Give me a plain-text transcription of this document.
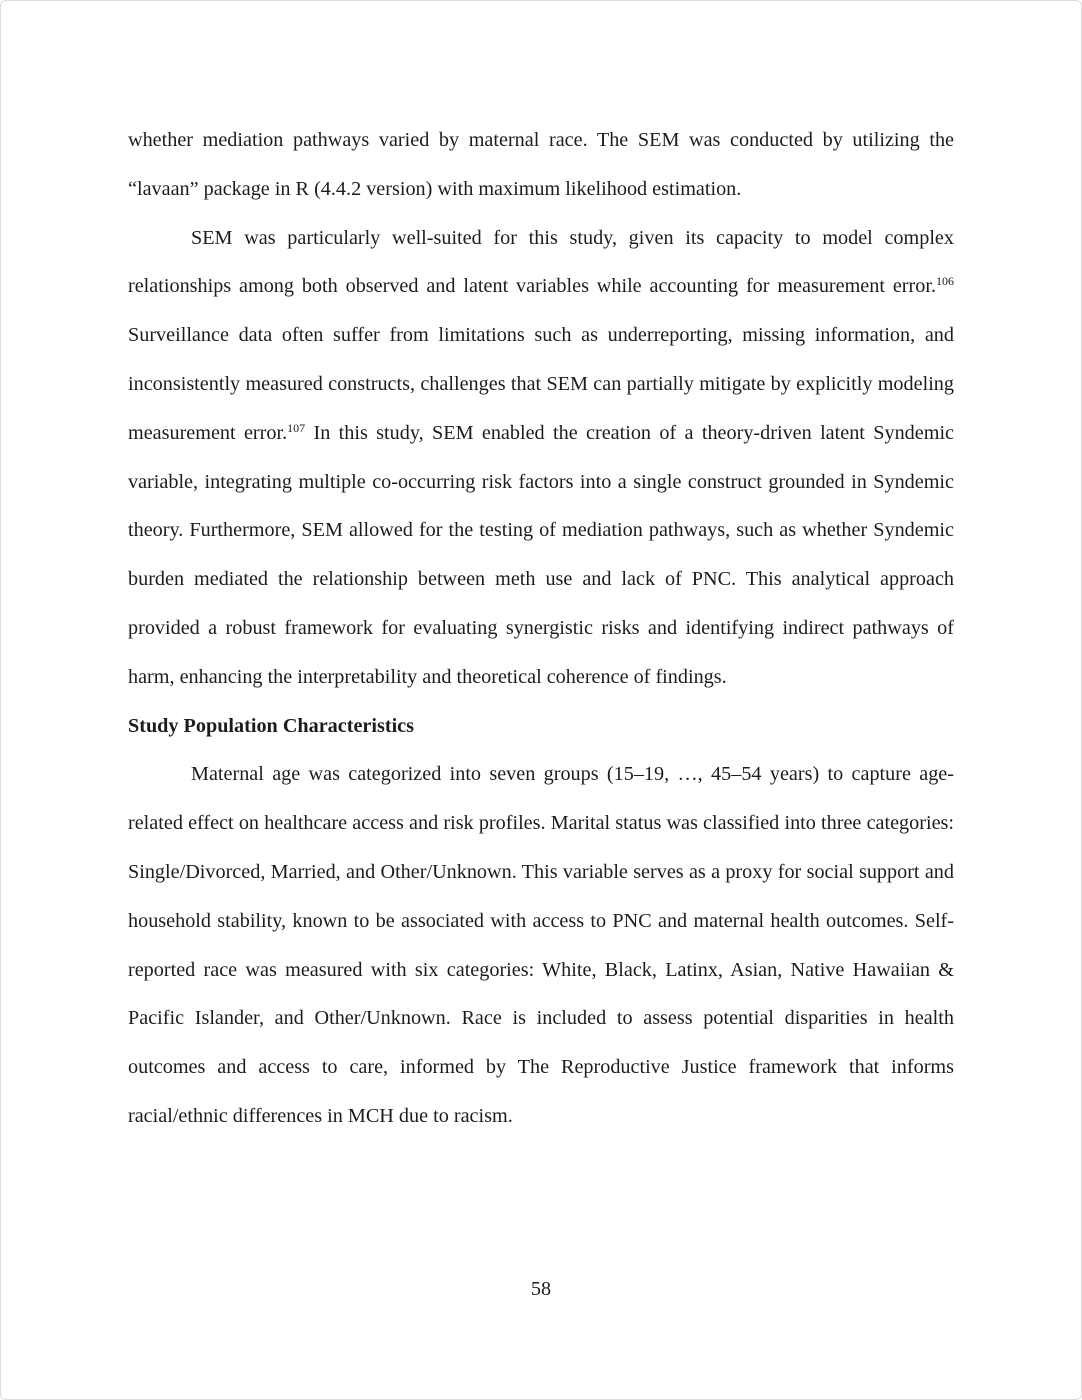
whether mediation pathways varied by maternal race. The SEM was conducted by utilizing the “lavaan” package in R (4.4.2 version) with maximum likelihood estimation.

SEM was particularly well-suited for this study, given its capacity to model complex relationships among both observed and latent variables while accounting for measurement error.$^{106}$ Surveillance data often suffer from limitations such as underreporting, missing information, and inconsistently measured constructs, challenges that SEM can partially mitigate by explicitly modeling measurement error.$^{107}$ In this study, SEM enabled the creation of a theory-driven latent Syndemic variable, integrating multiple co-occurring risk factors into a single construct grounded in Syndemic theory. Furthermore, SEM allowed for the testing of mediation pathways, such as whether Syndemic burden mediated the relationship between meth use and lack of PNC. This analytical approach provided a robust framework for evaluating synergistic risks and identifying indirect pathways of harm, enhancing the interpretability and theoretical coherence of findings.

Study Population Characteristics

Maternal age was categorized into seven groups (15–19, …, 45–54 years) to capture age-related effect on healthcare access and risk profiles. Marital status was classified into three categories: Single/Divorced, Married, and Other/Unknown. This variable serves as a proxy for social support and household stability, known to be associated with access to PNC and maternal health outcomes. Self-reported race was measured with six categories: White, Black, Latinx, Asian, Native Hawaiian & Pacific Islander, and Other/Unknown. Race is included to assess potential disparities in health outcomes and access to care, informed by The Reproductive Justice framework that informs racial/ethnic differences in MCH due to racism.

58
